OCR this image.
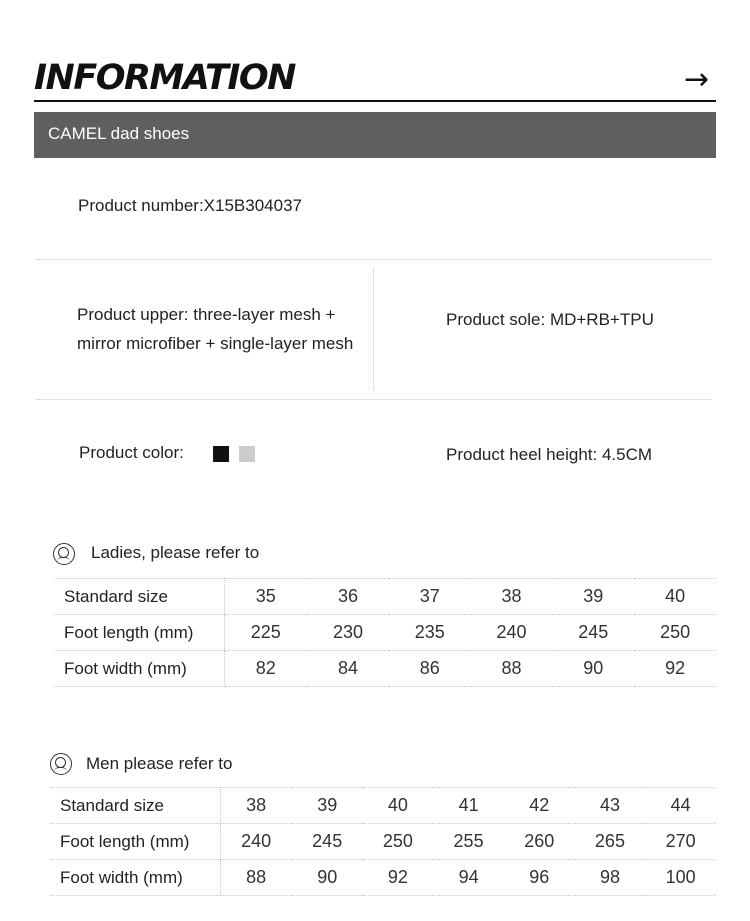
INFORMATION	→
CAMEL dad shoes
Product number:X15B304037
Product upper: three-layer mesh +
mirror microfiber + single-layer mesh
Product sole: MD+RB+TPU
Product color:	Product heel height: 4.5CM
Ladies, please refer to
Standard size	35	36	37	38	39	40
Foot length (mm)	225	230	235	240	245	250
Foot width (mm)	82	84	86	88	90	92
Men please refer to
Standard size	38	39	40	41	42	43	44
Foot length (mm)	240	245	250	255	260	265	270
Foot width (mm)	88	90	92	94	96	98	100
